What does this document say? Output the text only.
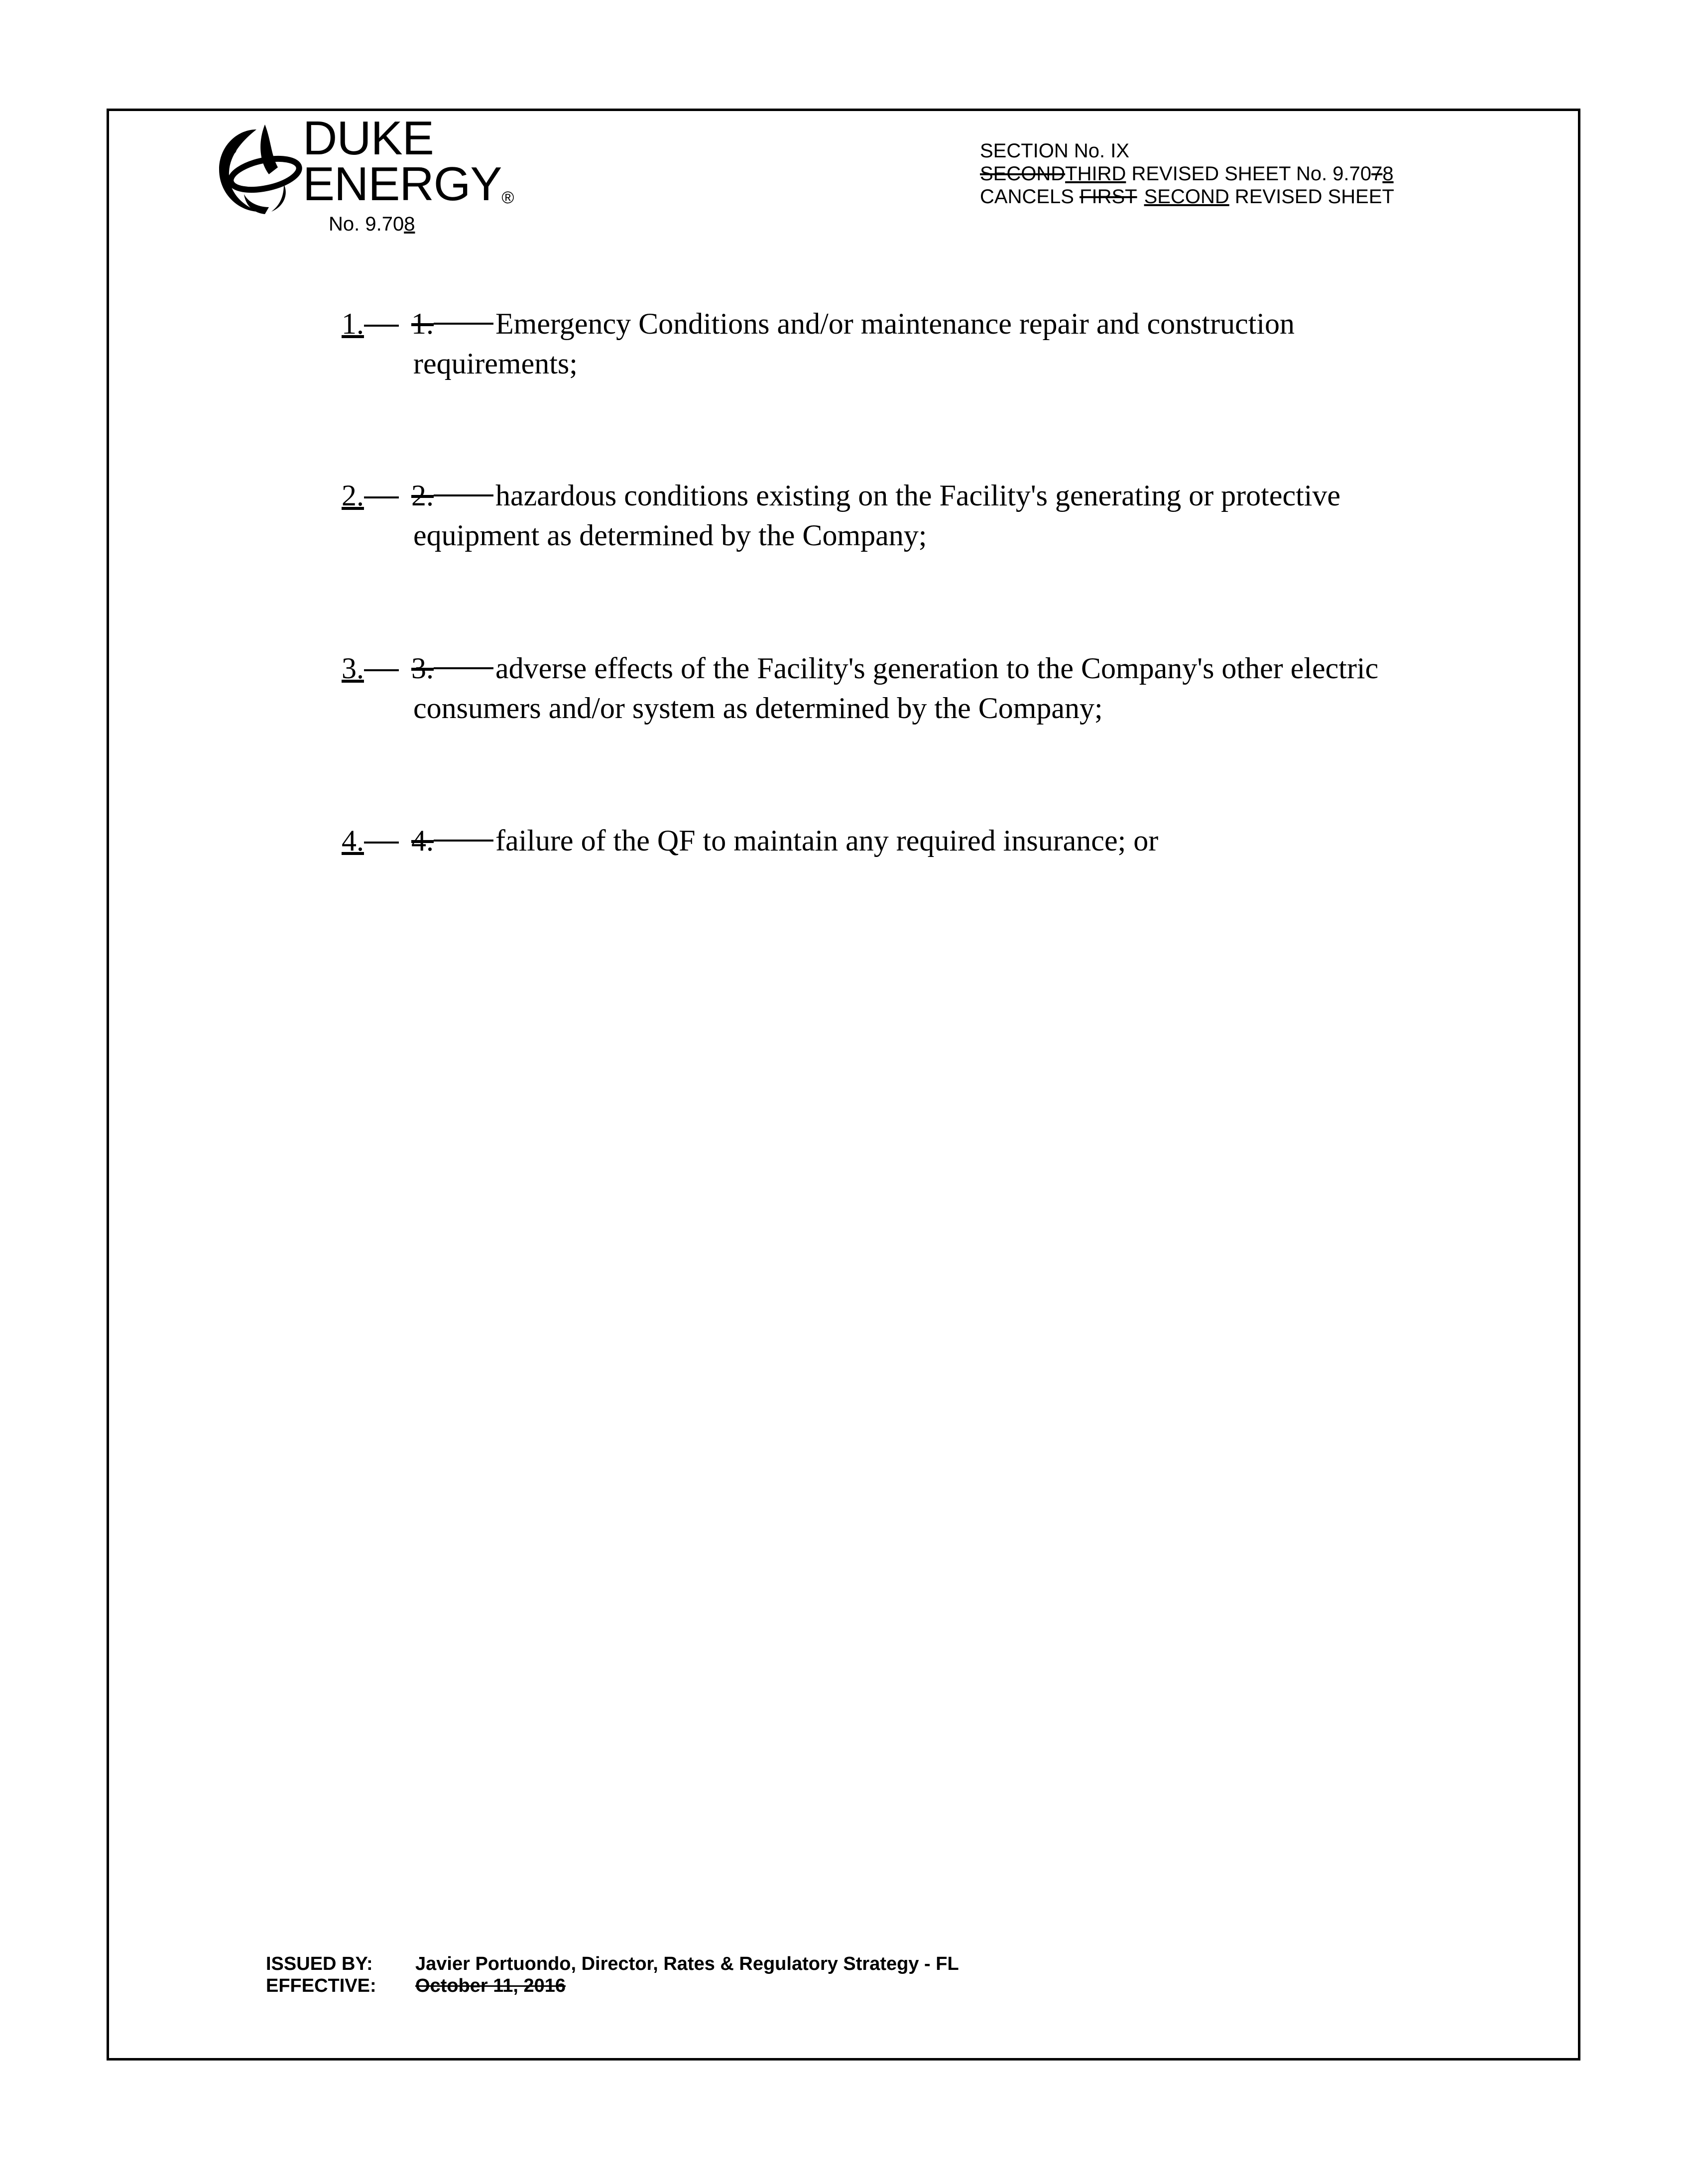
DUKE
ENERGY®
No. 9.708
SECTION No. IX
SECONDTHIRD REVISED SHEET No. 9.7078
CANCELS FIRST SECOND REVISED SHEET
1. 1. Emergency Conditions and/or maintenance repair and construction
requirements;
2. 2. hazardous conditions existing on the Facility's generating or protective
equipment as determined by the Company;
3. 3. adverse effects of the Facility's generation to the Company's other electric
consumers and/or system as determined by the Company;
4. 4. failure of the QF to maintain any required insurance; or
ISSUED BY: Javier Portuondo, Director, Rates & Regulatory Strategy - FL
EFFECTIVE: October 11, 2016
